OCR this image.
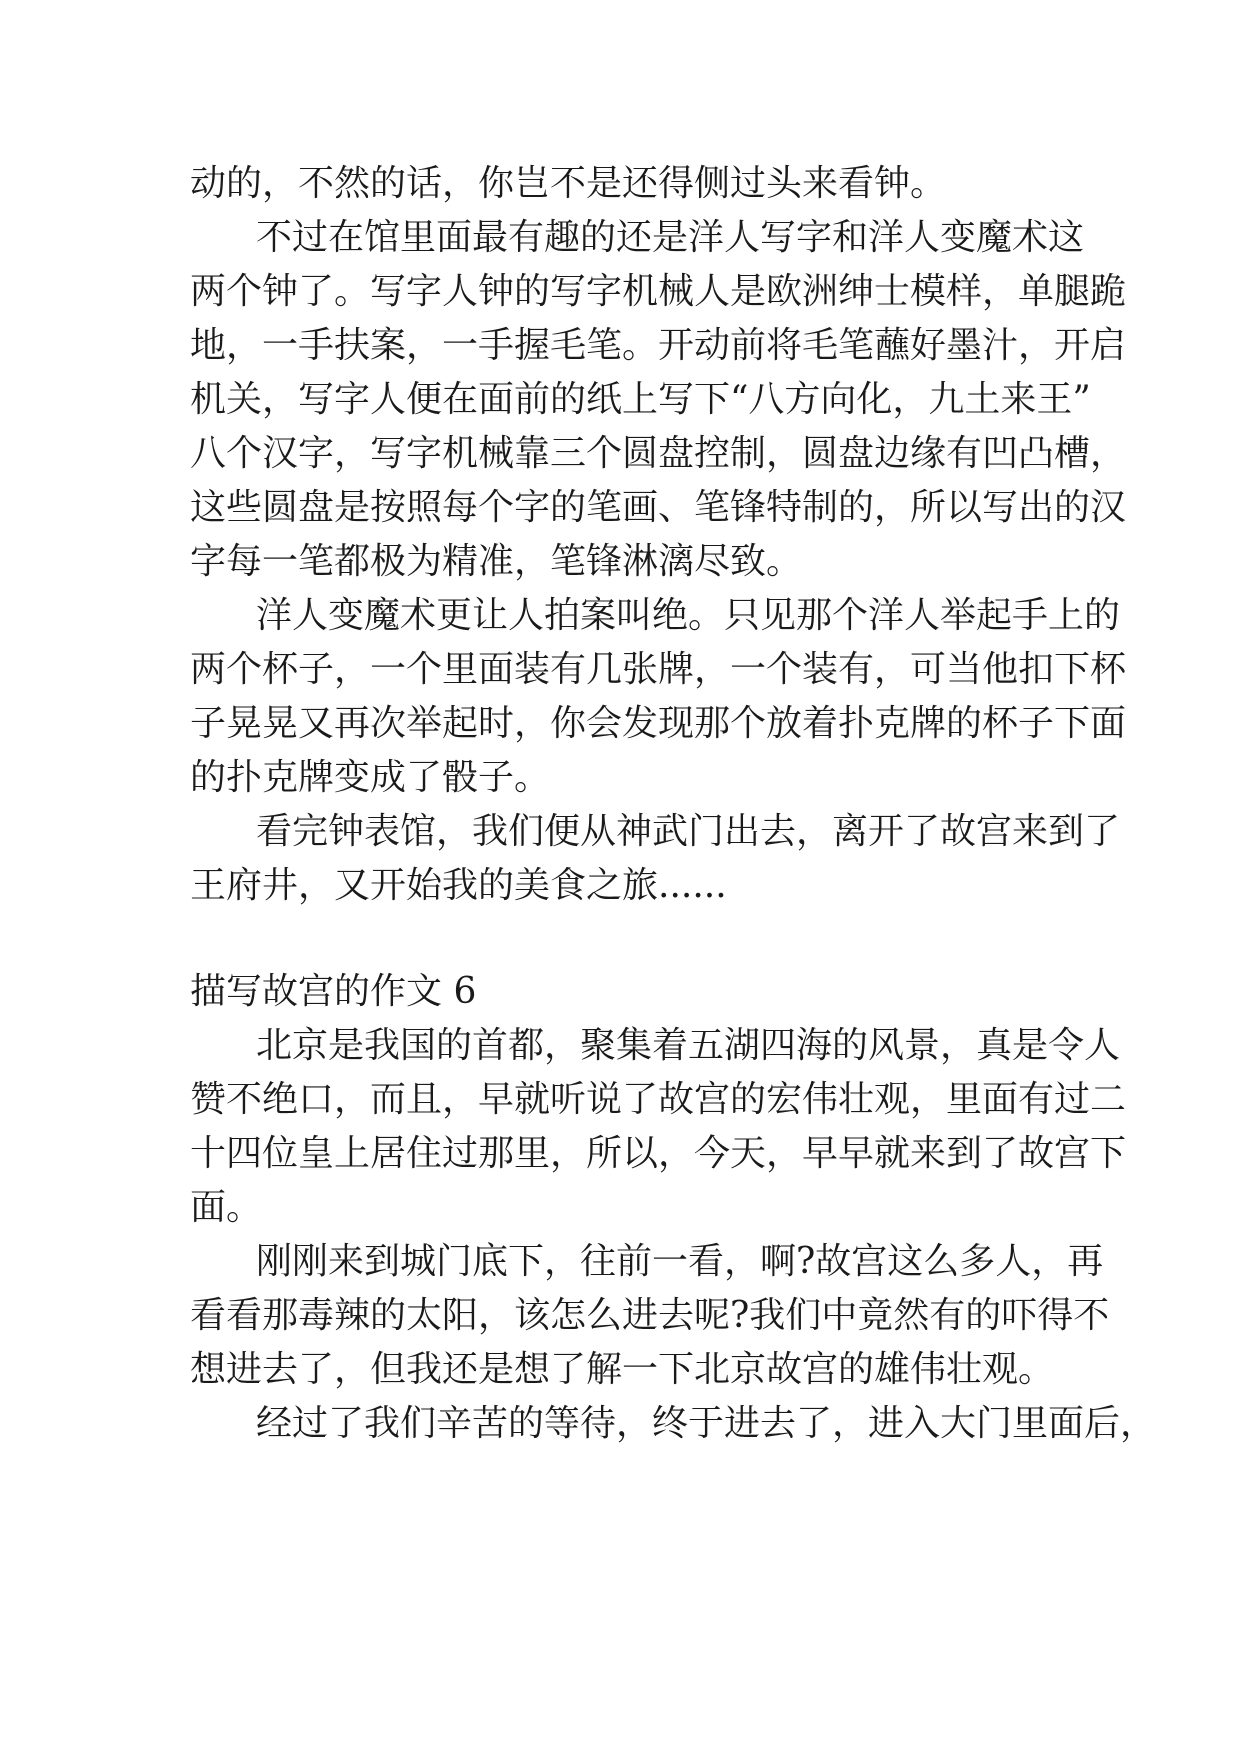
动的，不然的话，你岂不是还得侧过头来看钟。
不过在馆里面最有趣的还是洋人写字和洋人变魔术这
两个钟了。写字人钟的写字机械人是欧洲绅士模样，单腿跪
地，一手扶案，一手握毛笔。开动前将毛笔蘸好墨汁，开启
机关，写字人便在面前的纸上写下“八方向化，九土来王”
八个汉字，写字机械靠三个圆盘控制，圆盘边缘有凹凸槽，
这些圆盘是按照每个字的笔画、笔锋特制的，所以写出的汉
字每一笔都极为精准，笔锋淋漓尽致。
洋人变魔术更让人拍案叫绝。只见那个洋人举起手上的
两个杯子，一个里面装有几张牌，一个装有，可当他扣下杯
子晃晃又再次举起时，你会发现那个放着扑克牌的杯子下面
的扑克牌变成了骰子。
看完钟表馆，我们便从神武门出去，离开了故宫来到了
王府井，又开始我的美食之旅......
描写故宫的作文 6
北京是我国的首都，聚集着五湖四海的风景，真是令人
赞不绝口，而且，早就听说了故宫的宏伟壮观，里面有过二
十四位皇上居住过那里，所以，今天，早早就来到了故宫下
面。
刚刚来到城门底下，往前一看，啊?故宫这么多人，再
看看那毒辣的太阳，该怎么进去呢?我们中竟然有的吓得不
想进去了，但我还是想了解一下北京故宫的雄伟壮观。
经过了我们辛苦的等待，终于进去了，进入大门里面后，
